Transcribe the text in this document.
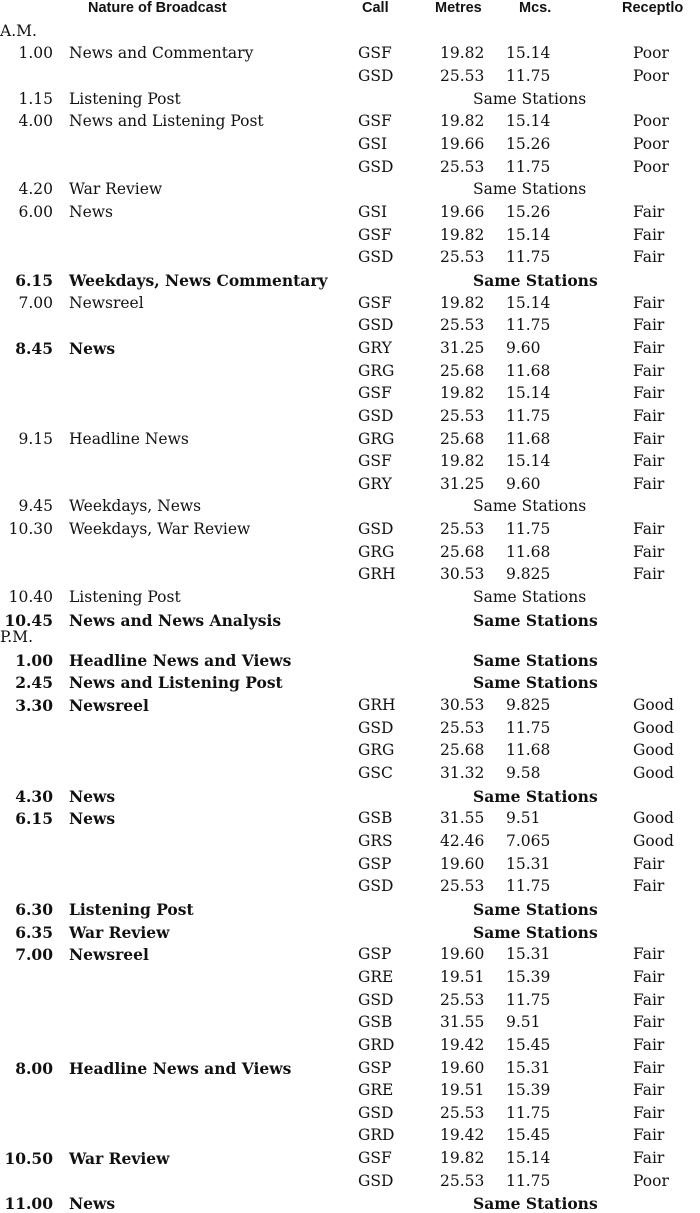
Nature of Broadcast	Call	Metres	Mcs.	Receptlo
A.M.
1.00 News and Commentary	GSF	19.82 15.14	Poor
GSD	25.53 11.75	Poor
1.15 Listening Post	Same Stations
4.00 News and Listening Post	GSF	19.82 15.14	Poor
GSI	19.66 15.26	Poor
GSD	25.53 11.75	Poor
4.20 War Review	Same Stations
6.00 News	GSI	19.66 15.26	Fair
GSF	19.82 15.14	Fair
GSD	25.53 11.75	Fair
6.15 Weekdays, News Commentary	Same Stations
7.00 Newsreel	GSF	19.82 15.14	Fair
GSD	25.53 11.75	Fair
8.45 News	GRY	31.25 9.60	Fair
GRG	25.68 11.68	Fair
GSF	19.82 15.14	Fair
GSD	25.53 11.75	Fair
9.15 Headline News	GRG	25.68 11.68	Fair
GSF	19.82 15.14	Fair
GRY	31.25 9.60	Fair
9.45 Weekdays, News	Same Stations
10.30 Weekdays, War Review	GSD	25.53 11.75	Fair
GRG	25.68 11.68	Fair
GRH	30.53 9.825	Fair
10.40 Listening Post	Same Stations
10.45 News and News Analysis	Same Stations
P.M.
1.00 Headline News and Views	Same Stations
2.45 News and Listening Post	Same Stations
3.30 Newsreel	GRH	30.53 9.825	Good
GSD	25.53 11.75	Good
GRG	25.68 11.68	Good
GSC	31.32 9.58	Good
4.30 News	Same Stations
6.15 News	GSB	31.55 9.51	Good
GRS	42.46 7.065	Good
GSP	19.60 15.31	Fair
GSD	25.53 11.75	Fair
6.30 Listening Post	Same Stations
6.35 War Review	Same Stations
7.00 Newsreel	GSP	19.60 15.31	Fair
GRE	19.51 15.39	Fair
GSD	25.53 11.75	Fair
GSB	31.55 9.51	Fair
GRD	19.42 15.45	Fair
8.00 Headline News and Views	GSP	19.60 15.31	Fair
GRE	19.51 15.39	Fair
GSD	25.53 11.75	Fair
GRD	19.42 15.45	Fair
10.50 War Review	GSF	19.82 15.14	Fair
GSD	25.53 11.75	Poor
11.00 News	Same Stations
